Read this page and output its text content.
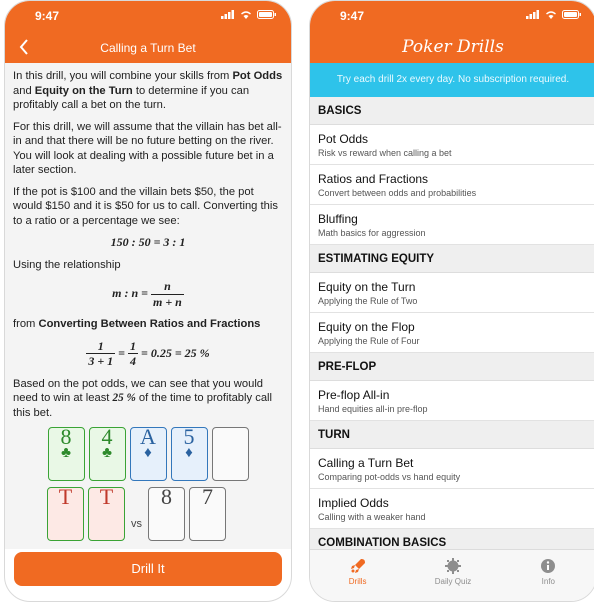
9:47
Calling a Turn Bet

In this drill, you will combine your skills from Pot Odds and Equity on the Turn to determine if you can profitably call a bet on the turn.

For this drill, we will assume that the villain has bet all-in and that there will be no future betting on the river. You will look at dealing with a possible future bet in a later section.

If the pot is $100 and the villain bets $50, the pot would $150 and it is $50 for us to call. Converting this to a ratio or a percentage we see:

150 : 50 = 3 : 1

Using the relationship

m : $n = \frac{n}{m + n}$

from Converting Between Ratios and Fractions

$\frac{1}{3 + 1} = \frac{1}{4} = 0.25 = 25$ %

Based on the pot odds, we can see that you would need to win at least 25 % of the time to profitably call this bet.

8
♣
4
♣
A
♦
5
♦
T T
vs
8 7
Drill It
9:47
Poker Drills
Try each drill 2x every day. No subscription required.
BASICS
Pot Odds
Risk vs reward when calling a bet
Ratios and Fractions
Convert between odds and probabilities
Bluffing
Math basics for aggression
ESTIMATING EQUITY
Equity on the Turn
Applying the Rule of Two
Equity on the Flop
Applying the Rule of Four
PRE-FLOP
Pre-flop All-in
Hand equities all-in pre-flop
TURN
Calling a Turn Bet
Comparing pot-odds vs hand equity
Implied Odds
Calling with a weaker hand
COMBINATION BASICS
Drills	Daily Quiz	Info
